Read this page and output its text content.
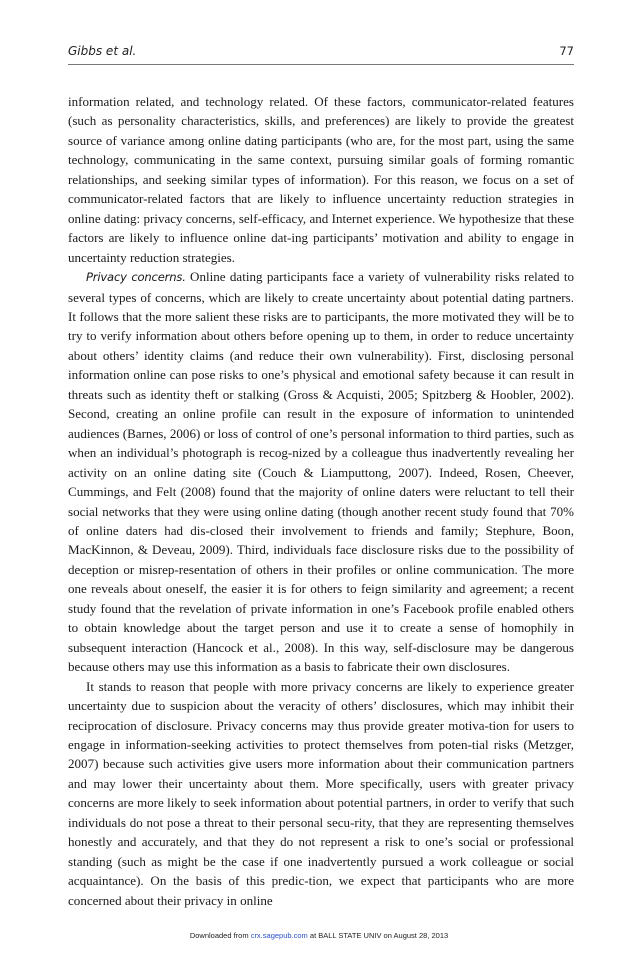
Gibbs et al.	77

information related, and technology related. Of these factors, communicator-related features (such as personality characteristics, skills, and preferences) are likely to provide the greatest source of variance among online dating participants (who are, for the most part, using the same technology, communicating in the same context, pursuing similar goals of forming romantic relationships, and seeking similar types of information). For this reason, we focus on a set of communicator-related factors that are likely to influence uncertainty reduction strategies in online dating: privacy concerns, self-efficacy, and Internet experience. We hypothesize that these factors are likely to influence online dat-ing participants’ motivation and ability to engage in uncertainty reduction strategies.

Privacy concerns. Online dating participants face a variety of vulnerability risks related to several types of concerns, which are likely to create uncertainty about potential dating partners. It follows that the more salient these risks are to participants, the more motivated they will be to try to verify information about others before opening up to them, in order to reduce uncertainty about others’ identity claims (and reduce their own vulnerability). First, disclosing personal information online can pose risks to one’s physical and emotional safety because it can result in threats such as identity theft or stalking (Gross & Acquisti, 2005; Spitzberg & Hoobler, 2002). Second, creating an online profile can result in the exposure of information to unintended audiences (Barnes, 2006) or loss of control of one’s personal information to third parties, such as when an individual’s photograph is recog-nized by a colleague thus inadvertently revealing her activity on an online dating site (Couch & Liamputtong, 2007). Indeed, Rosen, Cheever, Cummings, and Felt (2008) found that the majority of online daters were reluctant to tell their social networks that they were using online dating (though another recent study found that 70% of online daters had dis-closed their involvement to friends and family; Stephure, Boon, MacKinnon, & Deveau, 2009). Third, individuals face disclosure risks due to the possibility of deception or misrep-resentation of others in their profiles or online communication. The more one reveals about oneself, the easier it is for others to feign similarity and agreement; a recent study found that the revelation of private information in one’s Facebook profile enabled others to obtain knowledge about the target person and use it to create a sense of homophily in subsequent interaction (Hancock et al., 2008). In this way, self-disclosure may be dangerous because others may use this information as a basis to fabricate their own disclosures.

It stands to reason that people with more privacy concerns are likely to experience greater uncertainty due to suspicion about the veracity of others’ disclosures, which may inhibit their reciprocation of disclosure. Privacy concerns may thus provide greater motiva-tion for users to engage in information-seeking activities to protect themselves from poten-tial risks (Metzger, 2007) because such activities give users more information about their communication partners and may lower their uncertainty about them. More specifically, users with greater privacy concerns are more likely to seek information about potential partners, in order to verify that such individuals do not pose a threat to their personal secu-rity, that they are representing themselves honestly and accurately, and that they do not represent a risk to one’s social or professional standing (such as might be the case if one inadvertently pursued a work colleague or social acquaintance). On the basis of this predic-tion, we expect that participants who are more concerned about their privacy in online

Downloaded from crx.sagepub.com at BALL STATE UNIV on August 28, 2013
